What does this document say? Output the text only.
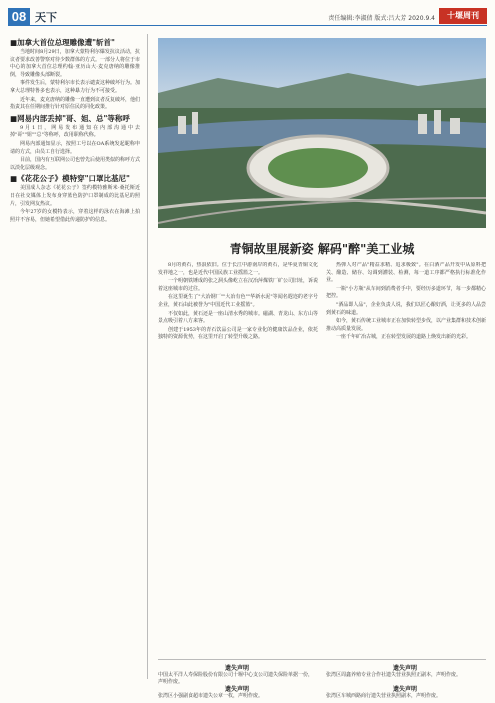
08 天下	责任编辑:李淑倩 版式:吕大芳 2020.9.4	十堰周刊

■加拿大首位总理雕像遭"斩首"

当地时间8月29日，加拿大蒙特利尔爆发抗议活动，抗议者要求改善警察对待少数群体的方式。一部分人将位于市中心的加拿大首位总理约翰·亚历山大·麦克唐纳的雕像推倒，导致雕像头部断裂。

事件发生后，蒙特利尔市长表示谴责这种破坏行为。加拿大总理特鲁多也表示，这种暴力行为不可接受。

近年来，麦克唐纳的雕像一直遭到议者反复破坏，他们指责其在任期间推行针对原住民的同化政策。

■网易内部丢掉"哥、姐、总"等称呼

9月1日，网易发布通知在内部沟通中去掉"哥""姐""总"等称呼，改用职称代称。

网易内部通知显示，按照工号以在OA系统发起昵称申请的方式，由员工自行选择。

目前，国内有互联网公司也曾先后使用类似的称呼方式以淡化层级观念。

■《花花公子》模特穿"口罩比基尼"

美国成人杂志《花花公子》签约模特雅斯米·桑托斯近日在社交媒体上发布身穿蓝色防护口罩制成的比基尼的照片，引发网友热议。

今年27岁的女模特表示，穿着这样的泳衣在海滩上拍照并不容易，但她希望借此传递防护的信息。

青铜故里展新姿 解码"醉"美工业城

8月的黄石，热浪依旧。位于长江中游南岸的黄石，是华夏青铜文化发祥地之一，也是近代中国民族工业摇篮之一。

一个明朝铁锤成的张之洞头像屹立在汉冶萍煤铁厂矿公司旧址，诉说着这座城市的过往。

在这里诞生了"大冶钢厂""大冶有色""华新水泥"等闻名遐迩的老字号企业，黄石由此被誉为"中国近代工业摇篮"。

不仅如此，黄石还是一座山清水秀的城市。磁湖、青龙山、东方山等景点吸引着八方来客。

创建于1953年的青石饮品公司是一家专业化的健康饮品企业，依托独特的资源优势，在这里开启了转型升级之路。

热弹人对产品"精益求精、追求极致"。在白酒产品开发中从原料把关、酿造、储存、勾调到灌装、检测，每一道工序都严格执行标准化作业。

一瓶"小方瓶"从车间到消费者手中，要经历多道环节，每一步都精心把控。

"酒品即人品"，企业负责人说，我们以匠心酿好酒，让更多的人品尝到黄石的味道。

如今，黄石传统工业城市正在加快转型步伐，以产业集群和技术创新推动高质量发展。

一座千年矿冶古城，正在转型发展的道路上焕发出新的光彩。

遗失声明
中国太平洋人寿保险股份有限公司十堰中心支公司遗失保险单据一份，声明作废。
遗失声明
张湾区周鑫养殖专业合作社遗失营业执照正副本，声明作废。
遗失声明
张湾区小强副食超市遗失公章一枚，声明作废。
遗失声明
张湾区车城西路商行遗失营业执照副本，声明作废。
